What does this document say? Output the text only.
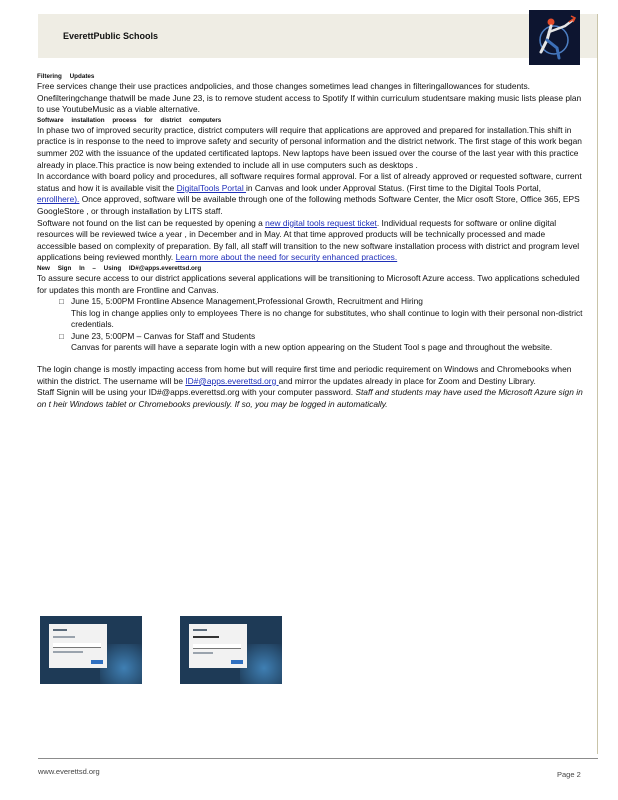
EverettPublic Schools

Filtering Updates

Free services change their use practices andpolicies, and those changes sometimes lead changes in filteringallowances for students. Onefilteringchange thatwill be made June 23, is to remove student access to Spotify If within curriculum studentsare making music lists please plan to use YoutubeMusic as a viable alternative.

Software installation process for district computers

In phase two of improved security practice, district computers will require that applications are approved and prepared for installation.This shift in practice is in response to the need to improve safety and security of personal information and the district network. The first stage of this work began summer 202 with the issuance of the updated certificated laptops. New laptops have been issued over the course of the last year with this practice already in place.This practice is now being extended to include all in use computers such as desktops .

In accordance with board policy and procedures, all software requires formal approval. For a list of already approved or requested software, current status and how it is available visit the DigitalTools Portal in Canvas and look under Approval Status. (First time to the Digital Tools Portal, enrollhere). Once approved, software will be available through one of the following methods Software Center, the Micr osoft Store, Office 365, EPS GoogleStore , or through installation by LITS staff.

Software not found on the list can be requested by opening a new digital tools request ticket. Individual requests for software or online digital resources will be reviewed twice a year , in December and in May. At that time approved products will be technically processed and made accessible based on complexity of preparation. By fall, all staff will transition to the new software installation process with district and program level applications being reviewed monthly. Learn more about the need for security enhanced practices.

New Sign In – Using ID#@apps.everettsd.org

To assure secure access to our district applications several applications will be transitioning to Microsoft Azure access. Two applications scheduled for updates this month are Frontline and Canvas.

□ June 15, 5:00PM Frontline Absence Management,Professional Growth, Recruitment and Hiring
This log in change applies only to employees There is no change for substitutes, who shall continue to login with their personal non-district credentials.
□ June 23, 5:00PM – Canvas for Staff and Students
Canvas for parents will have a separate login with a new option appearing on the Student Tool s page and throughout the website.

The login change is mostly impacting access from home but will require first time and periodic requirement on Windows and Chromebooks when within the district. The username will be ID#@apps.everettsd.org and mirror the updates already in place for Zoom and Destiny Library.

Staff Signin will be using your ID#@apps.everettsd.org with your computer password. Staff and students may have used the Microsoft Azure sign in on t heir Windows tablet or Chromebooks previously. If so, you may be logged in automatically.

www.everettsd.org	Page 2
